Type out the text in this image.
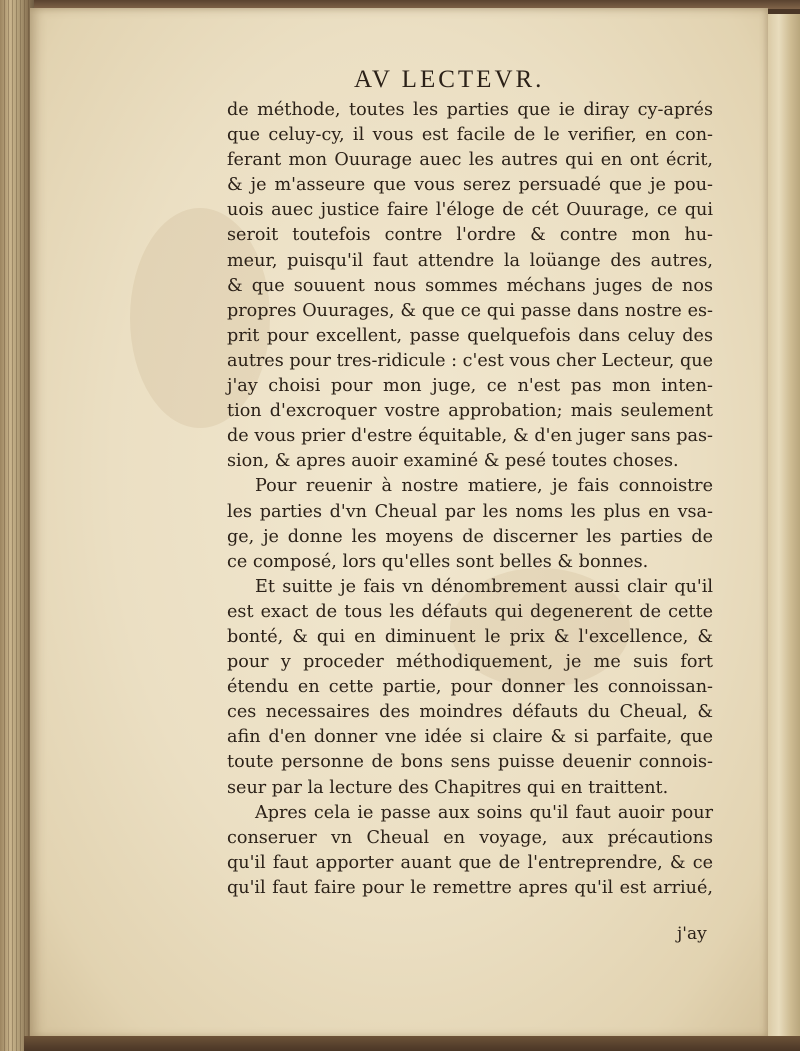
AV LECTEVR.
de méthode, toutes les parties que ie diray cy-aprés
que celuy-cy, il vous est facile de le verifier, en con-
ferant mon Ouurage auec les autres qui en ont écrit,
& je m'asseure que vous serez persuadé que je pou-
uois auec justice faire l'éloge de cét Ouurage, ce qui
seroit toutefois contre l'ordre & contre mon hu-
meur, puisqu'il faut attendre la loüange des autres,
& que souuent nous sommes méchans juges de nos
propres Ouurages, & que ce qui passe dans nostre es-
prit pour excellent, passe quelquefois dans celuy des
autres pour tres-ridicule : c'est vous cher Lecteur, que
j'ay choisi pour mon juge, ce n'est pas mon inten-
tion d'excroquer vostre approbation; mais seulement
de vous prier d'estre équitable, & d'en juger sans pas-
sion, & apres auoir examiné & pesé toutes choses.
Pour reuenir à nostre matiere, je fais connoistre
les parties d'vn Cheual par les noms les plus en vsa-
ge, je donne les moyens de discerner les parties de
ce composé, lors qu'elles sont belles & bonnes.
Et suitte je fais vn dénombrement aussi clair qu'il
est exact de tous les défauts qui degenerent de cette
bonté, & qui en diminuent le prix & l'excellence, &
pour y proceder méthodiquement, je me suis fort
étendu en cette partie, pour donner les connoissan-
ces necessaires des moindres défauts du Cheual, &
afin d'en donner vne idée si claire & si parfaite, que
toute personne de bons sens puisse deuenir connois-
seur par la lecture des Chapitres qui en traittent.
Apres cela ie passe aux soins qu'il faut auoir pour
conseruer vn Cheual en voyage, aux précautions
qu'il faut apporter auant que de l'entreprendre, & ce
qu'il faut faire pour le remettre apres qu'il est arriué,
j'ay
